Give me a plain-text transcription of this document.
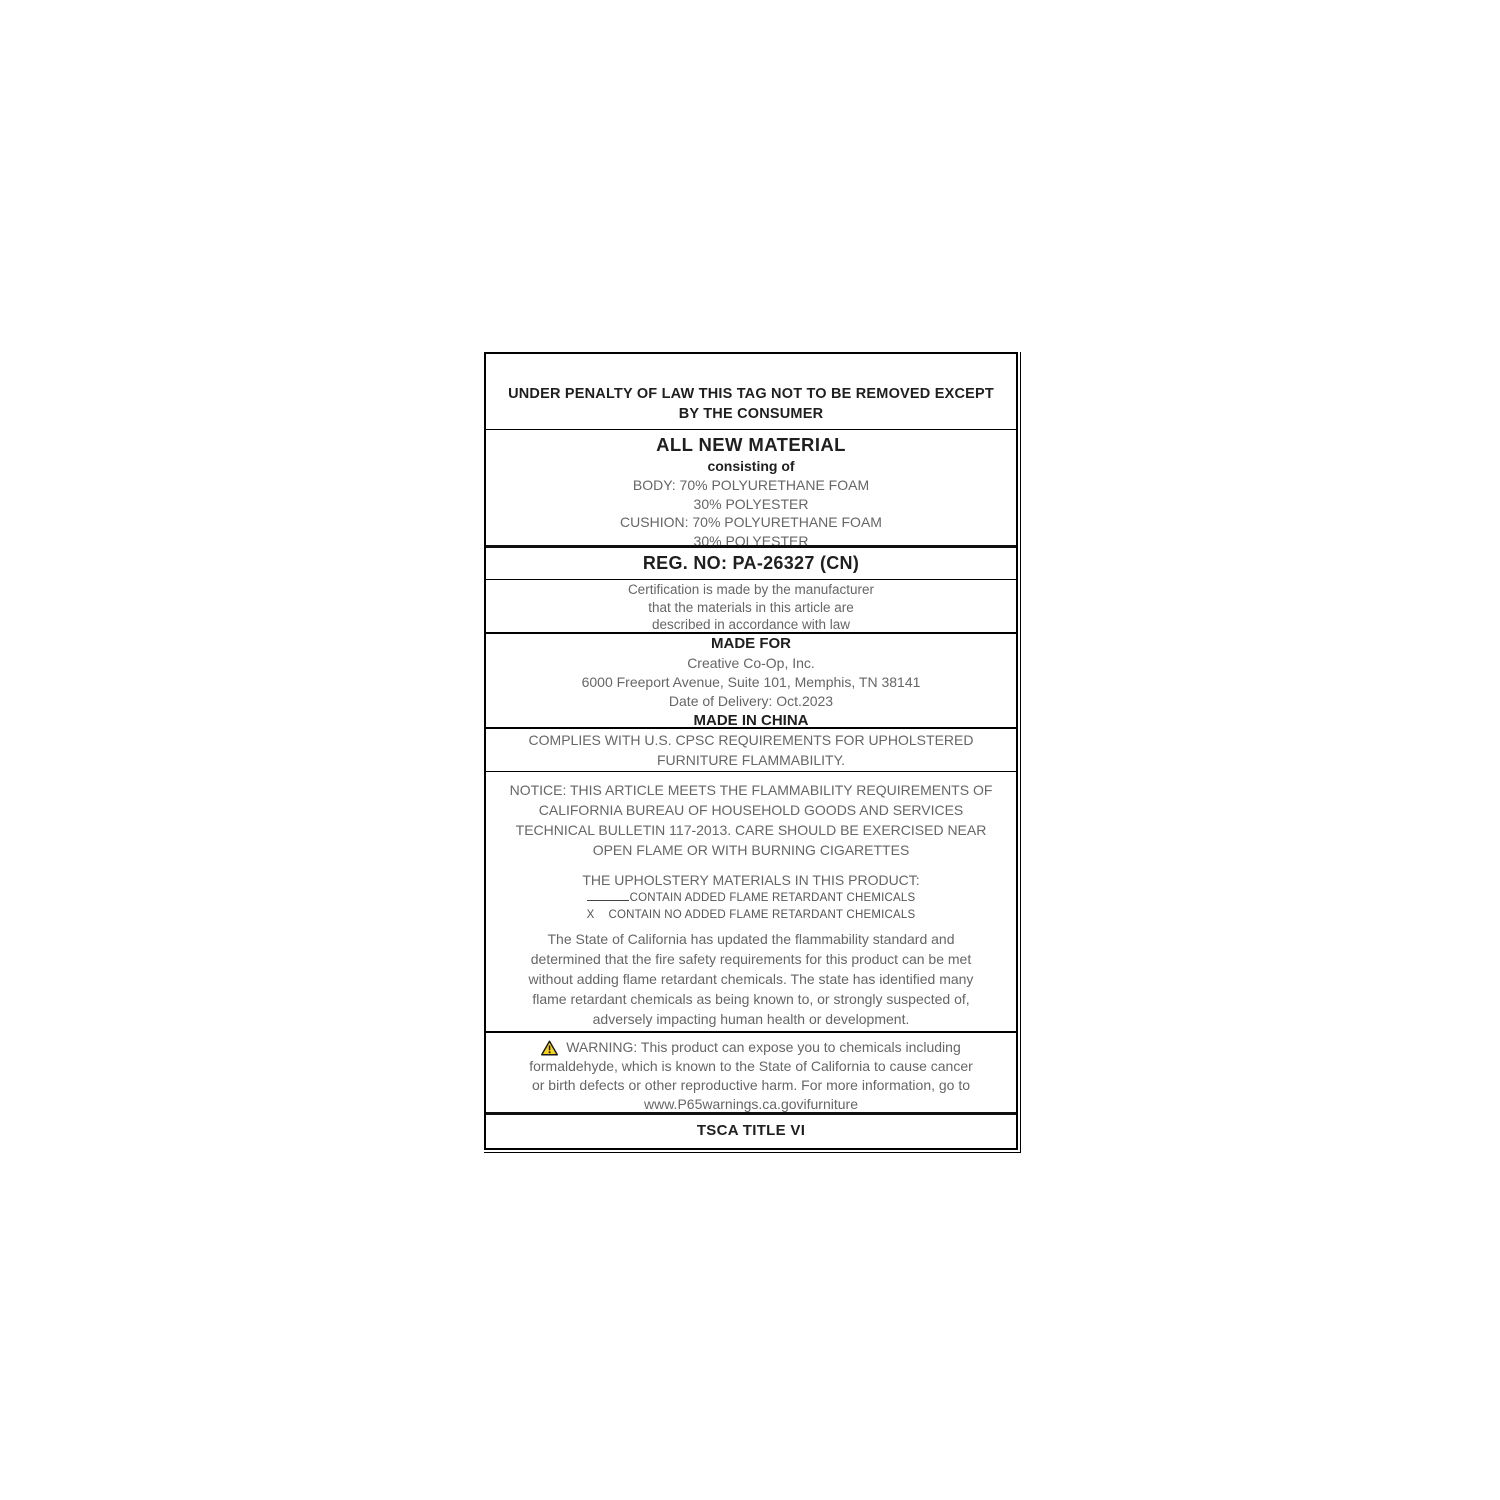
UNDER PENALTY OF LAW THIS TAG NOT TO BE REMOVED EXCEPT
BY THE CONSUMER
ALL NEW MATERIAL
consisting of
BODY: 70% POLYURETHANE FOAM
30% POLYESTER
CUSHION: 70% POLYURETHANE FOAM
30% POLYESTER
REG. NO: PA-26327 (CN)
Certification is made by the manufacturer
that the materials in this article are
described in accordance with law
MADE FOR
Creative Co-Op, Inc.
6000 Freeport Avenue, Suite 101, Memphis, TN 38141
Date of Delivery: Oct.2023
MADE IN CHINA
COMPLIES WITH U.S. CPSC REQUIREMENTS FOR UPHOLSTERED
FURNITURE FLAMMABILITY.
NOTICE: THIS ARTICLE MEETS THE FLAMMABILITY REQUIREMENTS OF
CALIFORNIA BUREAU OF HOUSEHOLD GOODS AND SERVICES
TECHNICAL BULLETIN 117-2013. CARE SHOULD BE EXERCISED NEAR
OPEN FLAME OR WITH BURNING CIGARETTES
THE UPHOLSTERY MATERIALS IN THIS PRODUCT:
CONTAIN ADDED FLAME RETARDANT CHEMICALS
X CONTAIN NO ADDED FLAME RETARDANT CHEMICALS
The State of California has updated the flammability standard and
determined that the fire safety requirements for this product can be met
without adding flame retardant chemicals. The state has identified many
flame retardant chemicals as being known to, or strongly suspected of,
adversely impacting human health or development.
WARNING: This product can expose you to chemicals including
formaldehyde, which is known to the State of California to cause cancer
or birth defects or other reproductive harm. For more information, go to
www.P65warnings.ca.govifurniture
TSCA TITLE VI
